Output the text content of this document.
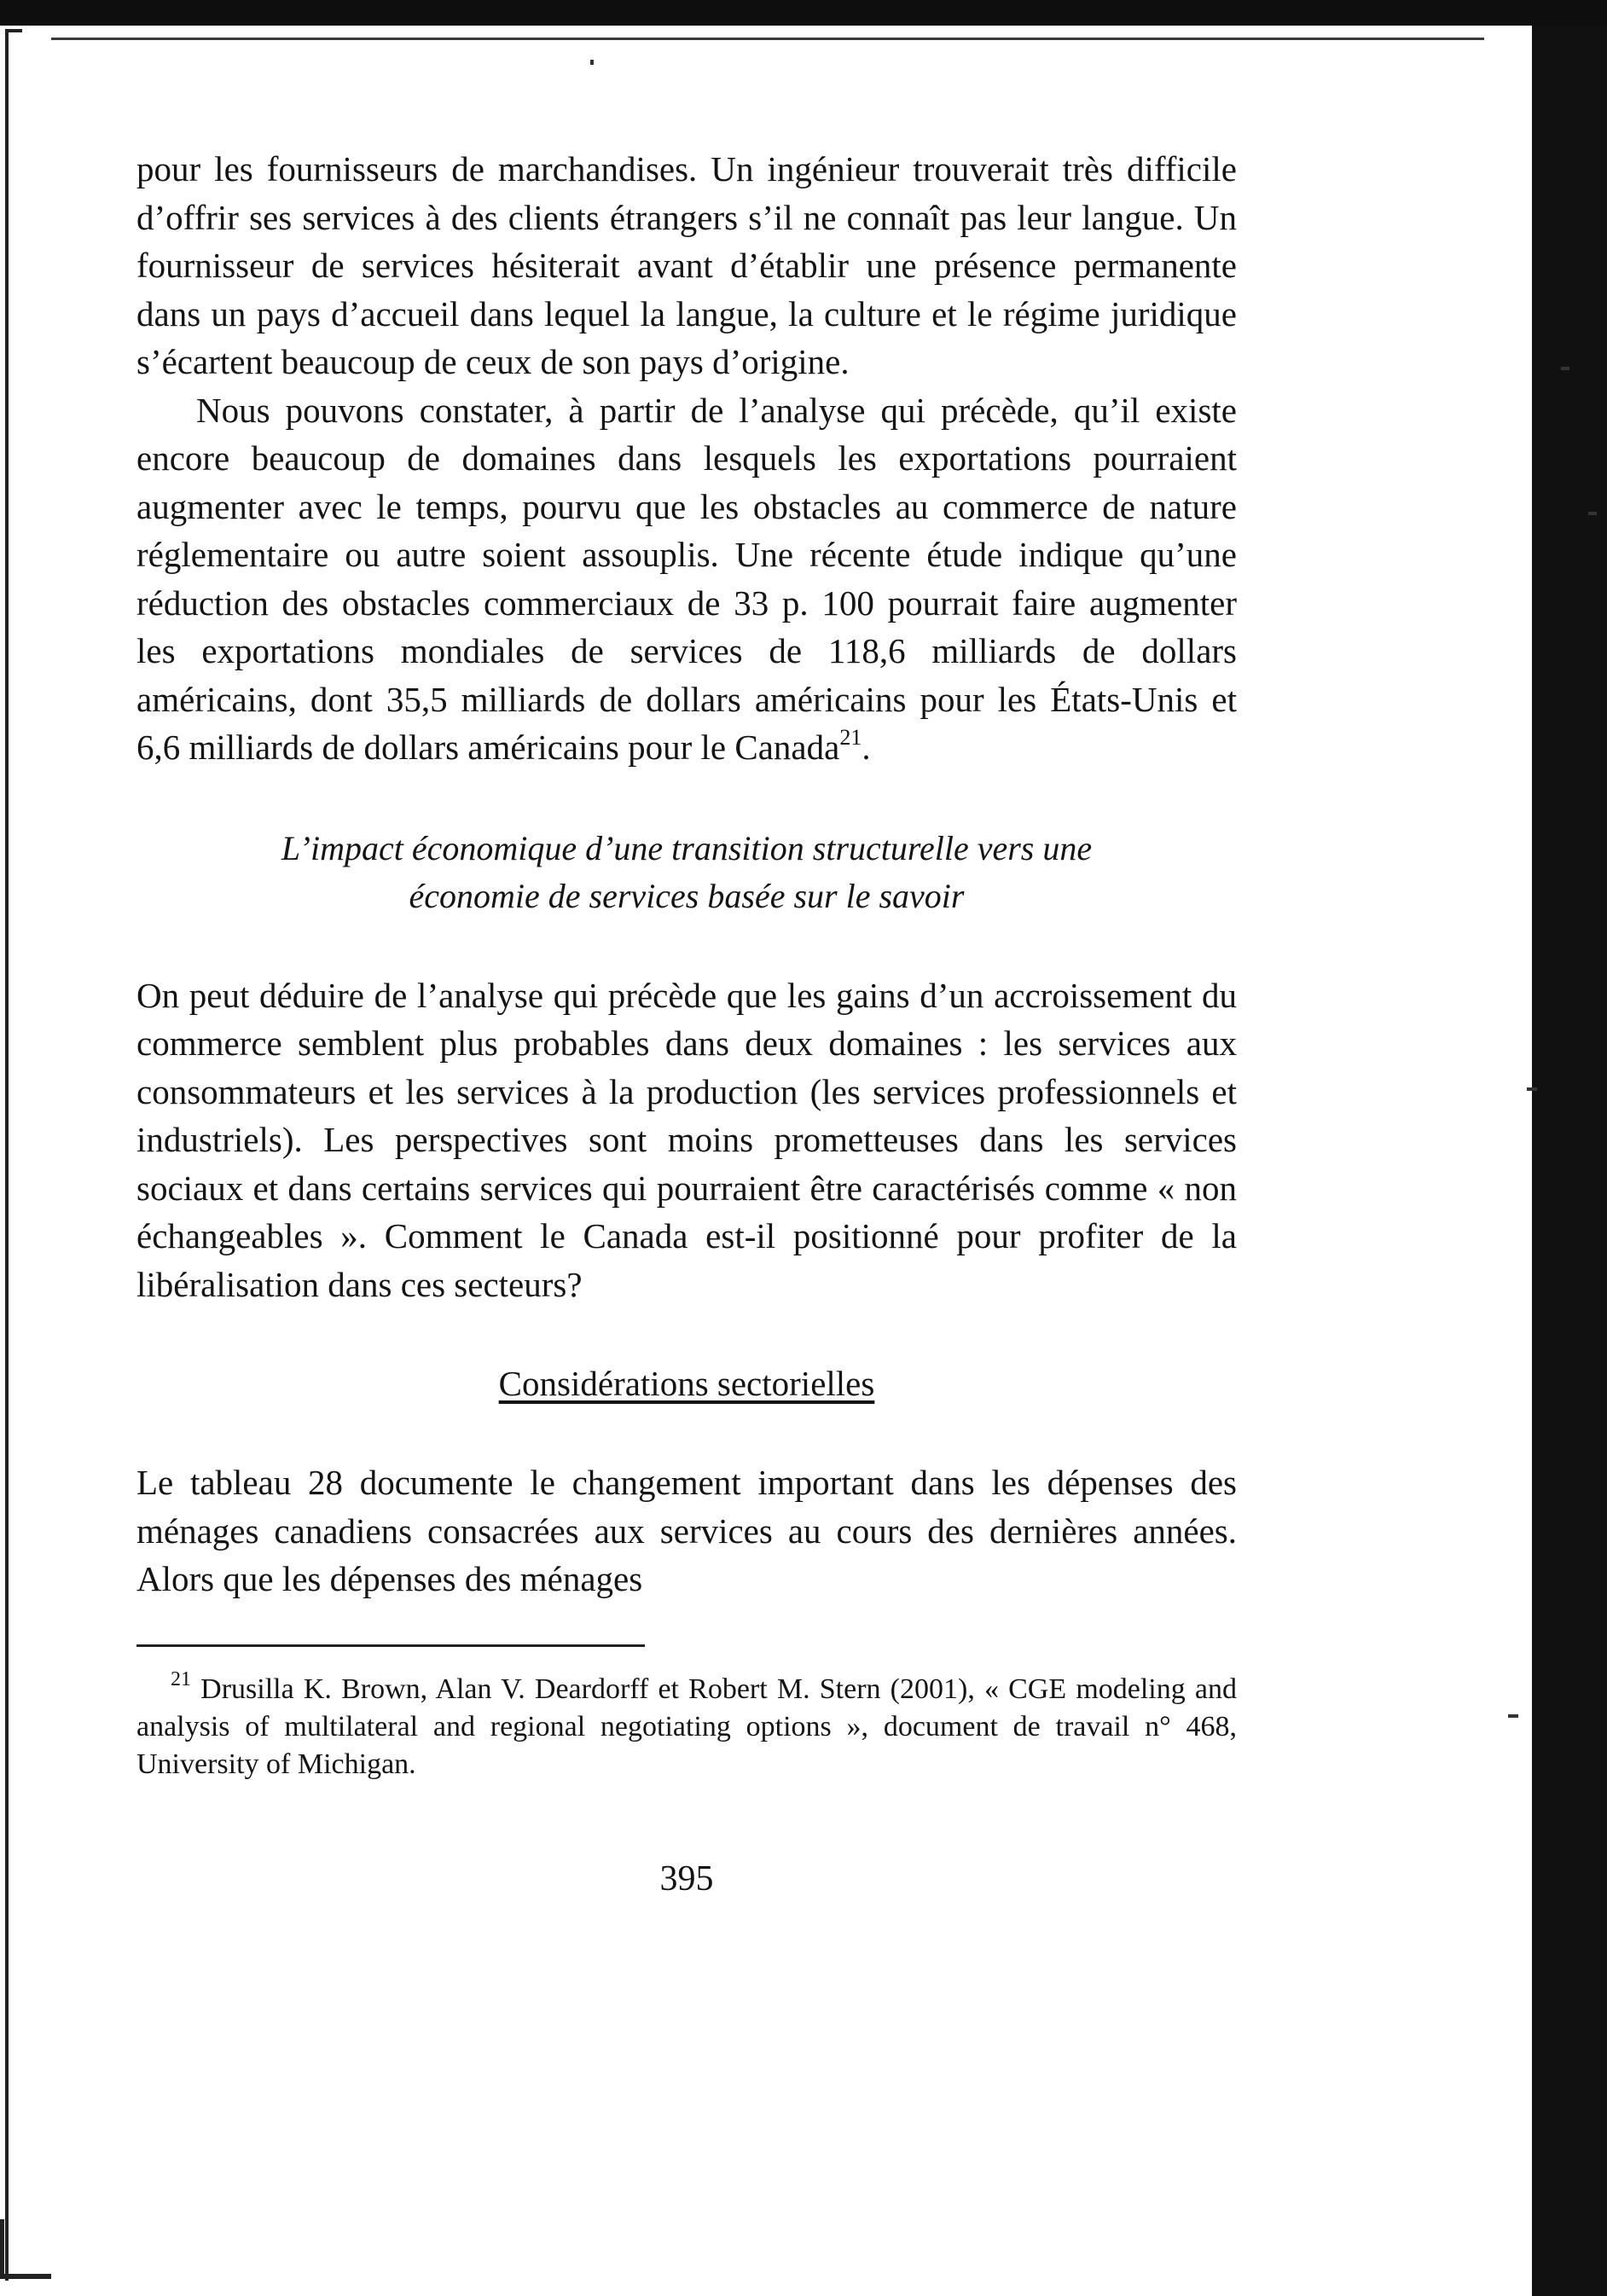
pour les fournisseurs de marchandises. Un ingénieur trouverait très difficile d’offrir ses services à des clients étrangers s’il ne connaît pas leur langue. Un fournisseur de services hésiterait avant d’établir une présence permanente dans un pays d’accueil dans lequel la langue, la culture et le régime juridique s’écartent beaucoup de ceux de son pays d’origine.

Nous pouvons constater, à partir de l’analyse qui précède, qu’il existe encore beaucoup de domaines dans lesquels les exportations pourraient augmenter avec le temps, pourvu que les obstacles au commerce de nature réglementaire ou autre soient assouplis. Une récente étude indique qu’une réduction des obstacles commerciaux de 33 p. 100 pourrait faire augmenter les exportations mondiales de services de 118,6 milliards de dollars américains, dont 35,5 milliards de dollars américains pour les États-Unis et 6,6 milliards de dollars américains pour le Canada$^{21}$.

L’impact économique d’une transition structurelle vers une
économie de services basée sur le savoir

On peut déduire de l’analyse qui précède que les gains d’un accroissement du commerce semblent plus probables dans deux domaines : les services aux consommateurs et les services à la production (les services professionnels et industriels). Les perspectives sont moins prometteuses dans les services sociaux et dans certains services qui pourraient être caractérisés comme « non échangeables ». Comment le Canada est-il positionné pour profiter de la libéralisation dans ces secteurs?

Considérations sectorielles

Le tableau 28 documente le changement important dans les dépenses des ménages canadiens consacrées aux services au cours des dernières années. Alors que les dépenses des ménages

$^{21}$ Drusilla K. Brown, Alan V. Deardorff et Robert M. Stern (2001), « CGE modeling and analysis of multilateral and regional negotiating options », document de travail n° 468, University of Michigan.

395
